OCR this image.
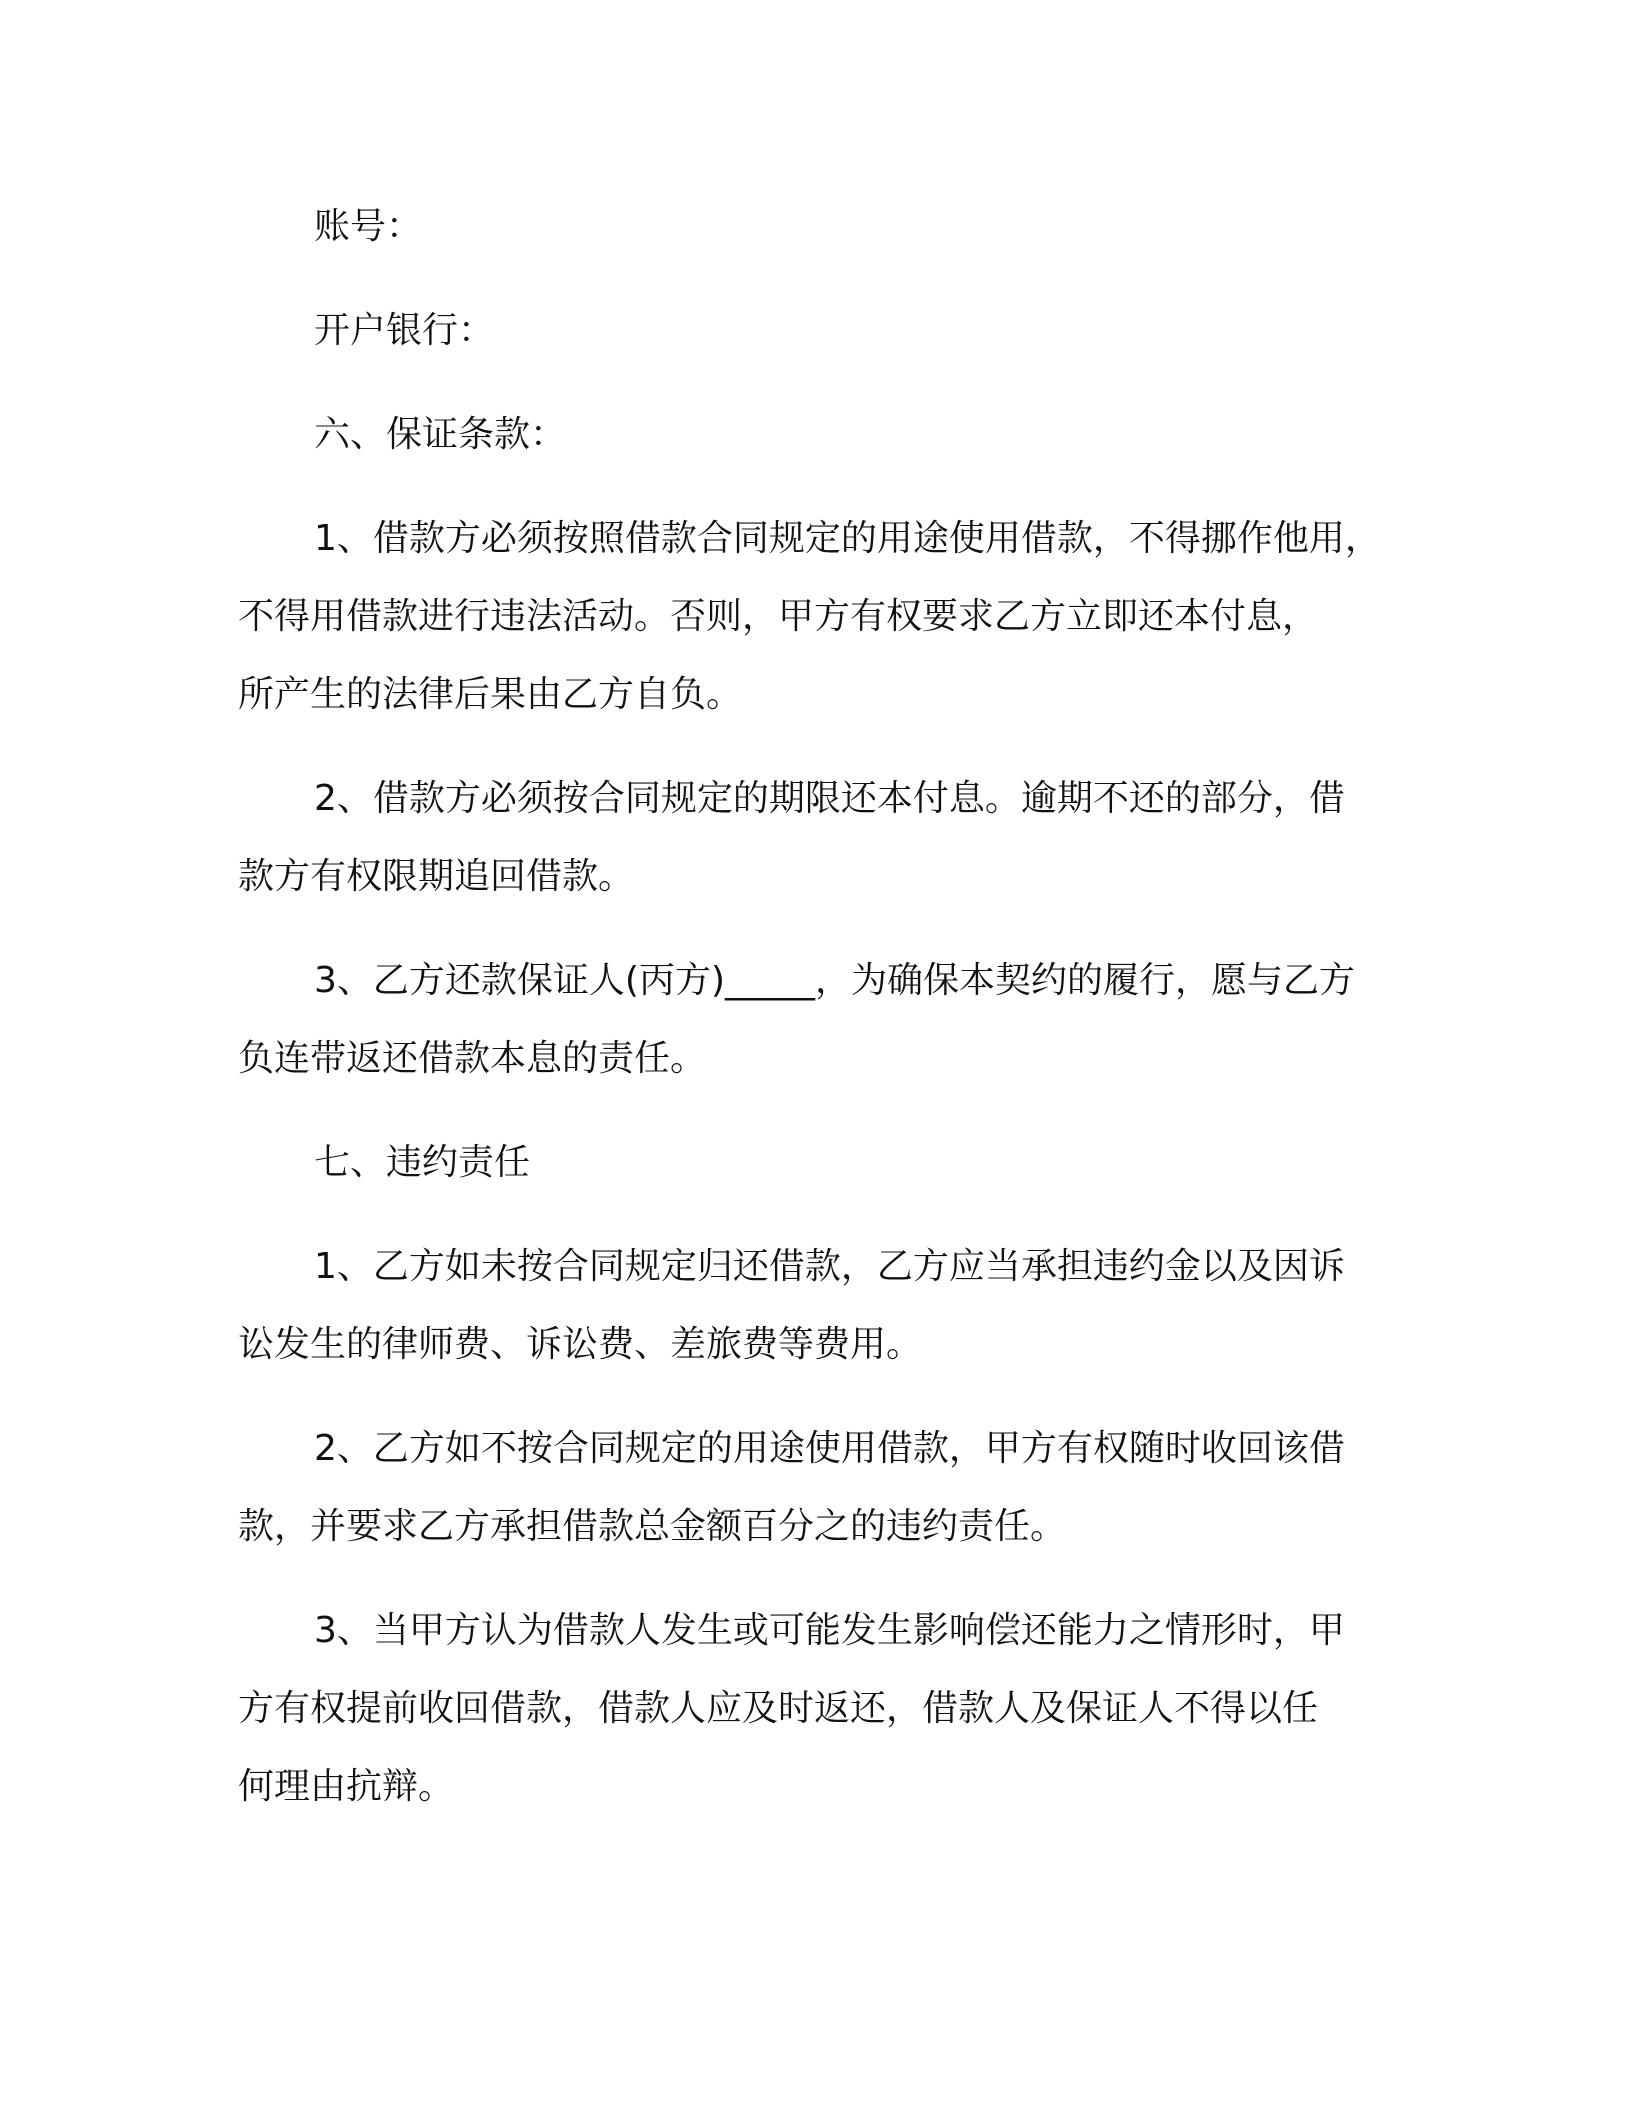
账号：
开户银行：
六、保证条款：
1、借款方必须按照借款合同规定的用途使用借款，不得挪作他用，
不得用借款进行违法活动。否则，甲方有权要求乙方立即还本付息，
所产生的法律后果由乙方自负。
2、借款方必须按合同规定的期限还本付息。逾期不还的部分，借
款方有权限期追回借款。
3、乙方还款保证人(丙方)_____，为确保本契约的履行，愿与乙方
负连带返还借款本息的责任。
七、违约责任
1、乙方如未按合同规定归还借款，乙方应当承担违约金以及因诉
讼发生的律师费、诉讼费、差旅费等费用。
2、乙方如不按合同规定的用途使用借款，甲方有权随时收回该借
款，并要求乙方承担借款总金额百分之的违约责任。
3、当甲方认为借款人发生或可能发生影响偿还能力之情形时，甲
方有权提前收回借款，借款人应及时返还，借款人及保证人不得以任
何理由抗辩。
